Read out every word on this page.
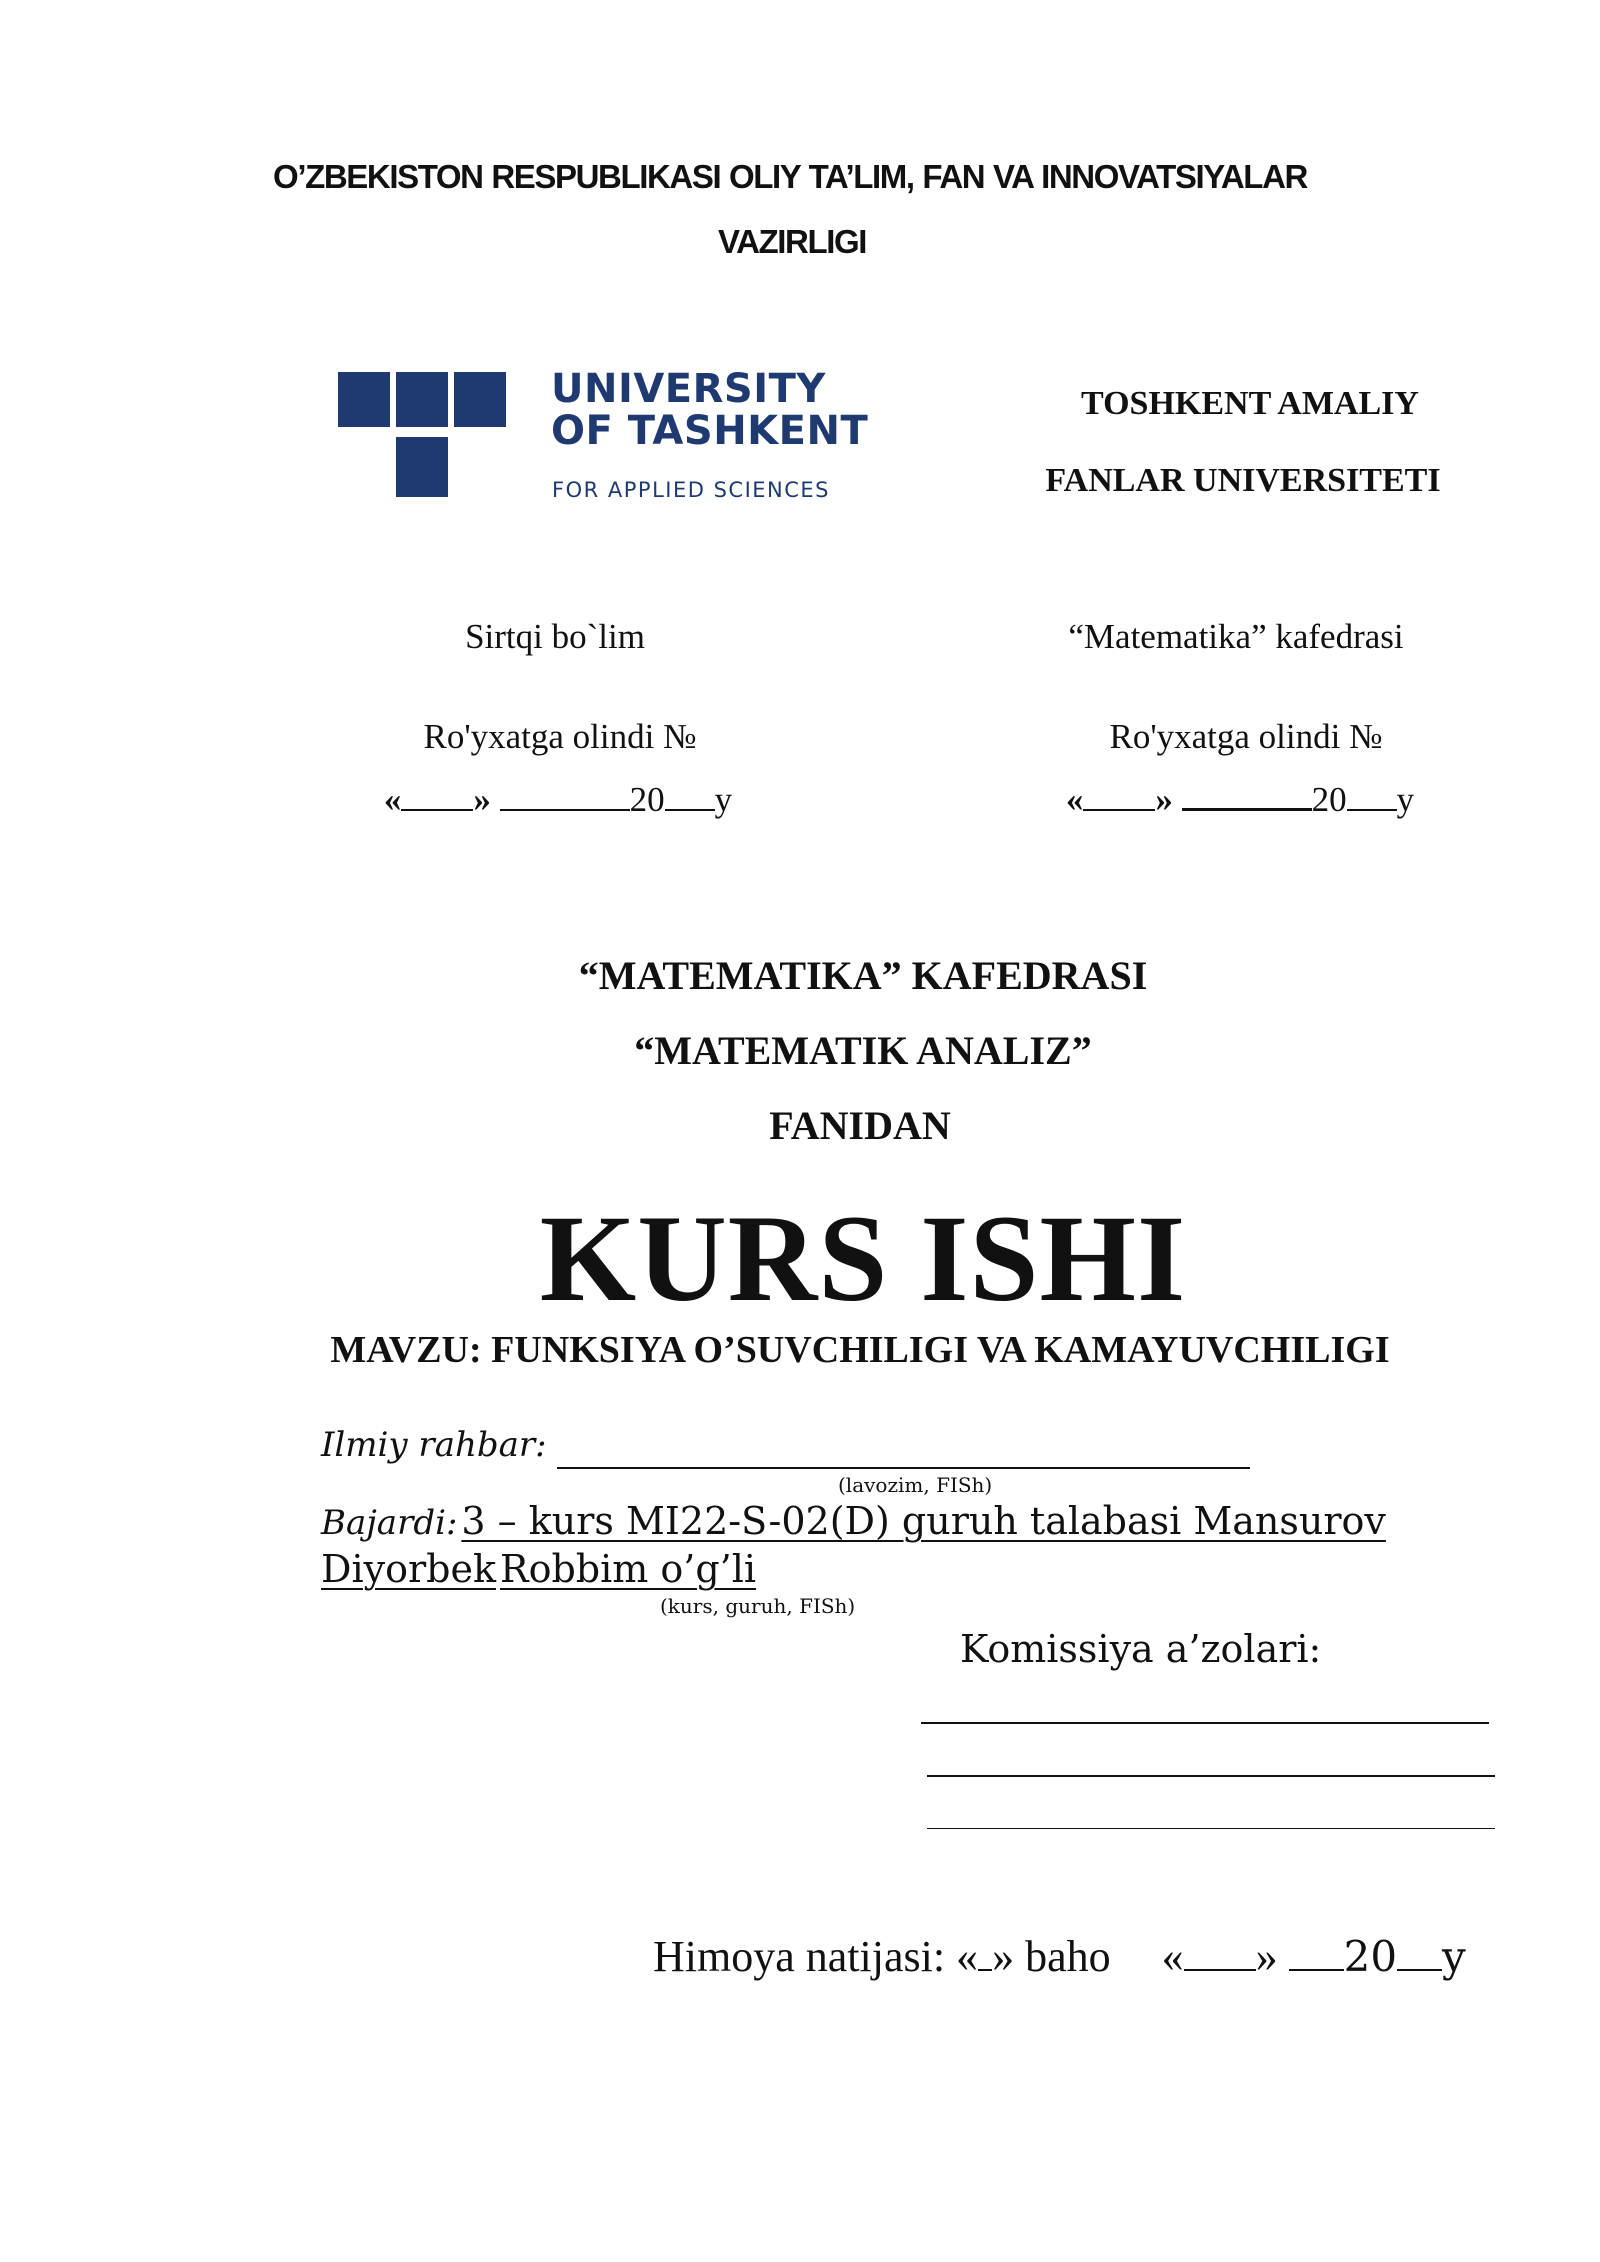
O’ZBEKISTON RESPUBLIKASI OLIY TA’LIM, FAN VA INNOVATSIYALAR
VAZIRLIGI
UNIVERSITY
OF TASHKENT
FOR APPLIED SCIENCES
TOSHKENT AMALIY
FANLAR UNIVERSITETI
Sirtqi bo`lim
Ro'yxatga olindi №
« »	20 y
“Matematika” kafedrasi
Ro'yxatga olindi №
« »	20 y
“MATEMATIKA” KAFEDRASI
“MATEMATIK ANALIZ”
FANIDAN
KURS ISHI
MAVZU: FUNKSIYA O’SUVCHILIGI VA KAMAYUVCHILIGI
Ilmiy rahbar:
(lavozim, FISh)
Bajardi: 3 – kurs MI22-S-02(D) guruh talabasi Mansurov
Diyorbek Robbim o’g’li
(kurs, guruh, FISh)
Komissiya a’zolari:
Himoya natijasi: « » baho « » 20 y
